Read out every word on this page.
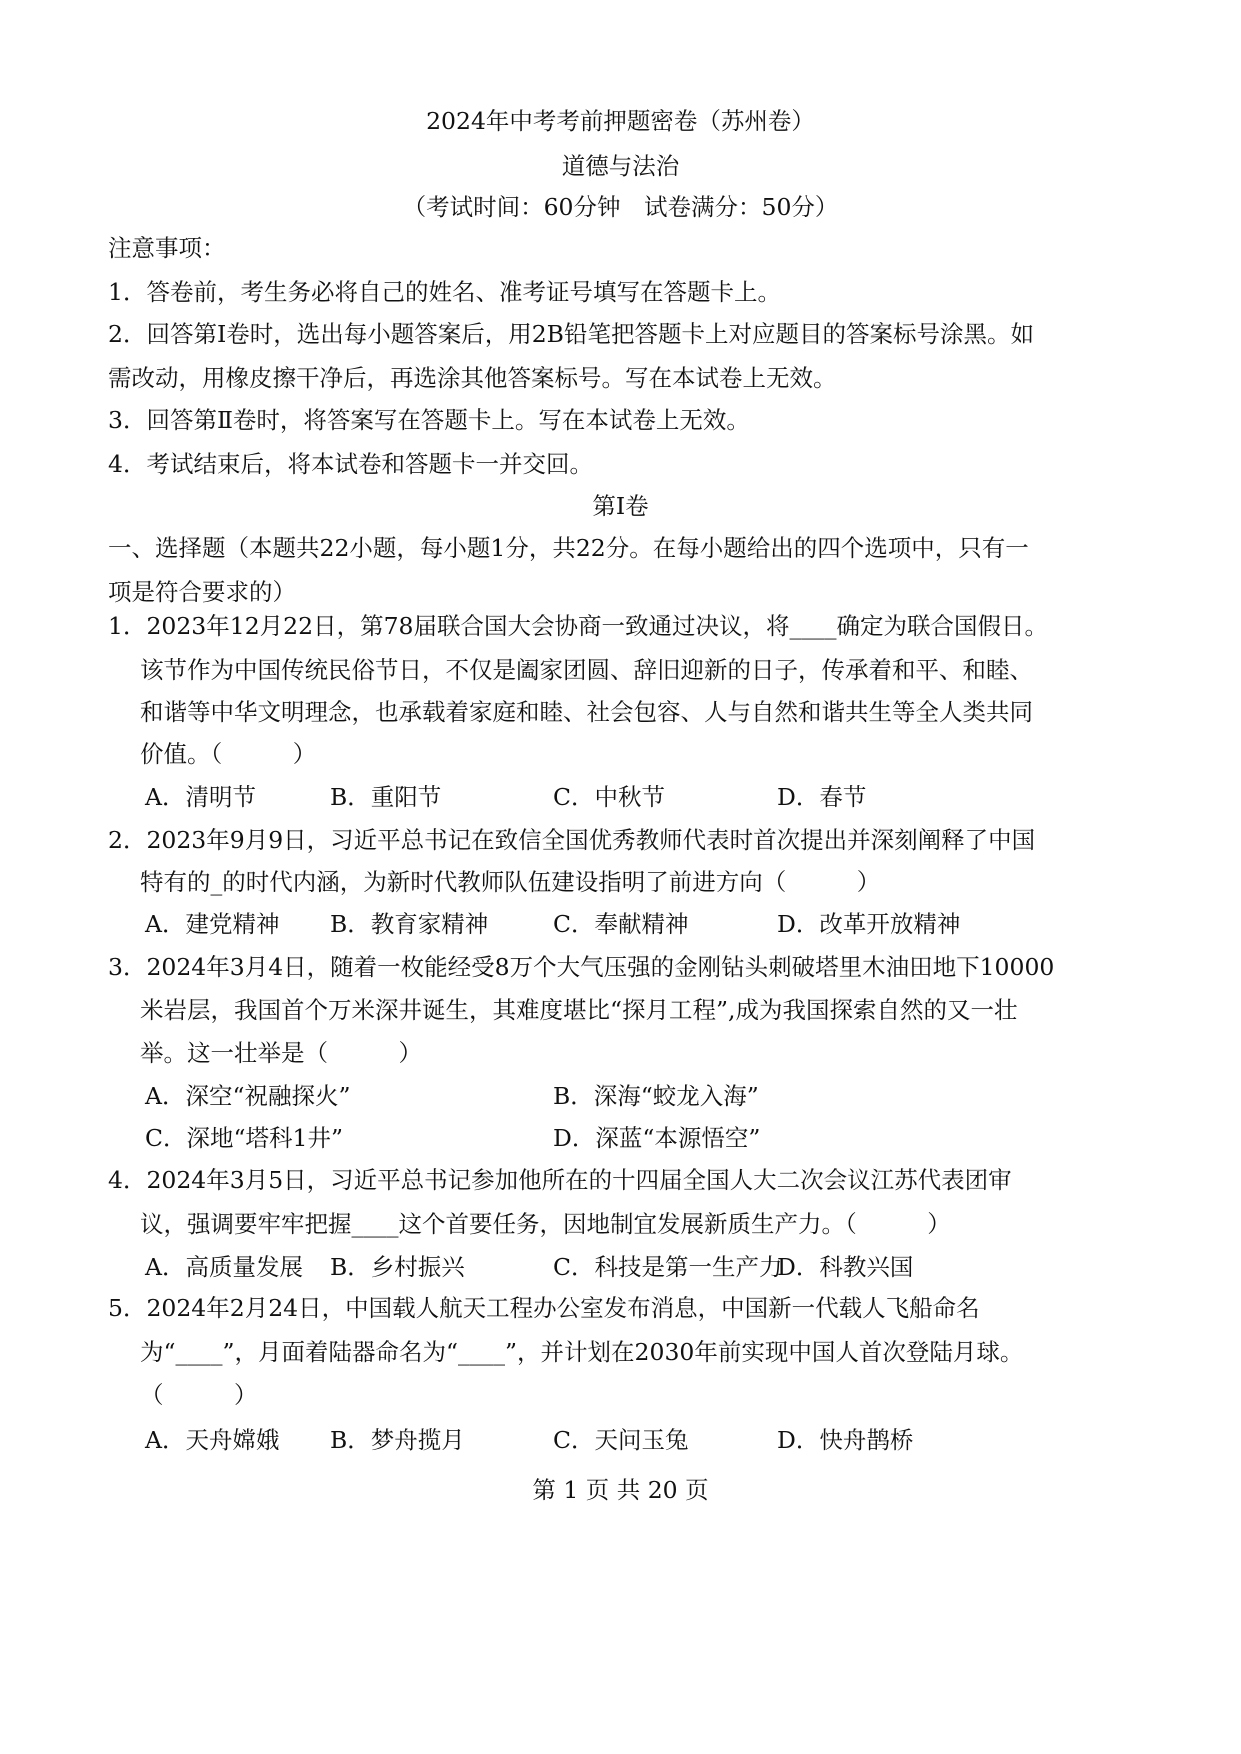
2024年中考考前押题密卷（苏州卷）
道德与法治
（考试时间：60分钟　试卷满分：50分）
注意事项：
1．答卷前，考生务必将自己的姓名、准考证号填写在答题卡上。
2．回答第Ⅰ卷时，选出每小题答案后，用2B铅笔把答题卡上对应题目的答案标号涂黑。如
需改动，用橡皮擦干净后，再选涂其他答案标号。写在本试卷上无效。
3．回答第Ⅱ卷时，将答案写在答题卡上。写在本试卷上无效。
4．考试结束后，将本试卷和答题卡一并交回。
第Ⅰ卷
一、选择题（本题共22小题，每小题1分，共22分。在每小题给出的四个选项中，只有一
项是符合要求的）
1．2023年12月22日，第78届联合国大会协商一致通过决议，将____确定为联合国假日。
该节作为中国传统民俗节日，不仅是阖家团圆、辞旧迎新的日子，传承着和平、和睦、
和谐等中华文明理念，也承载着家庭和睦、社会包容、人与自然和谐共生等全人类共同
价值。（　　　）
A．清明节	B．重阳节	C．中秋节	D．春节
2．2023年9月9日，习近平总书记在致信全国优秀教师代表时首次提出并深刻阐释了中国
特有的_的时代内涵，为新时代教师队伍建设指明了前进方向（　　　）
A．建党精神 B．教育家精神	C．奉献精神	D．改革开放精神
3．2024年3月4日，随着一枚能经受8万个大气压强的金刚钻头刺破塔里木油田地下10000
米岩层，我国首个万米深井诞生，其难度堪比“探月工程”,成为我国探索自然的又一壮
举。这一壮举是（　　　）
A．深空“祝融探火”	B．深海“蛟龙入海”
C．深地“塔科1井”	D．深蓝“本源悟空”
4．2024年3月5日，习近平总书记参加他所在的十四届全国人大二次会议江苏代表团审
议，强调要牢牢把握____这个首要任务，因地制宜发展新质生产力。（　　　）
A．高质量发展 B．乡村振兴	C．科技是第一生产力
D．科教兴国
5．2024年2月24日，中国载人航天工程办公室发布消息，中国新一代载人飞船命名
为“____”，月面着陆器命名为“____”，并计划在2030年前实现中国人首次登陆月球。
（　　　）
A．天舟嫦娥 B．梦舟揽月	C．天问玉兔	D．快舟鹊桥
第 1 页 共 20 页
